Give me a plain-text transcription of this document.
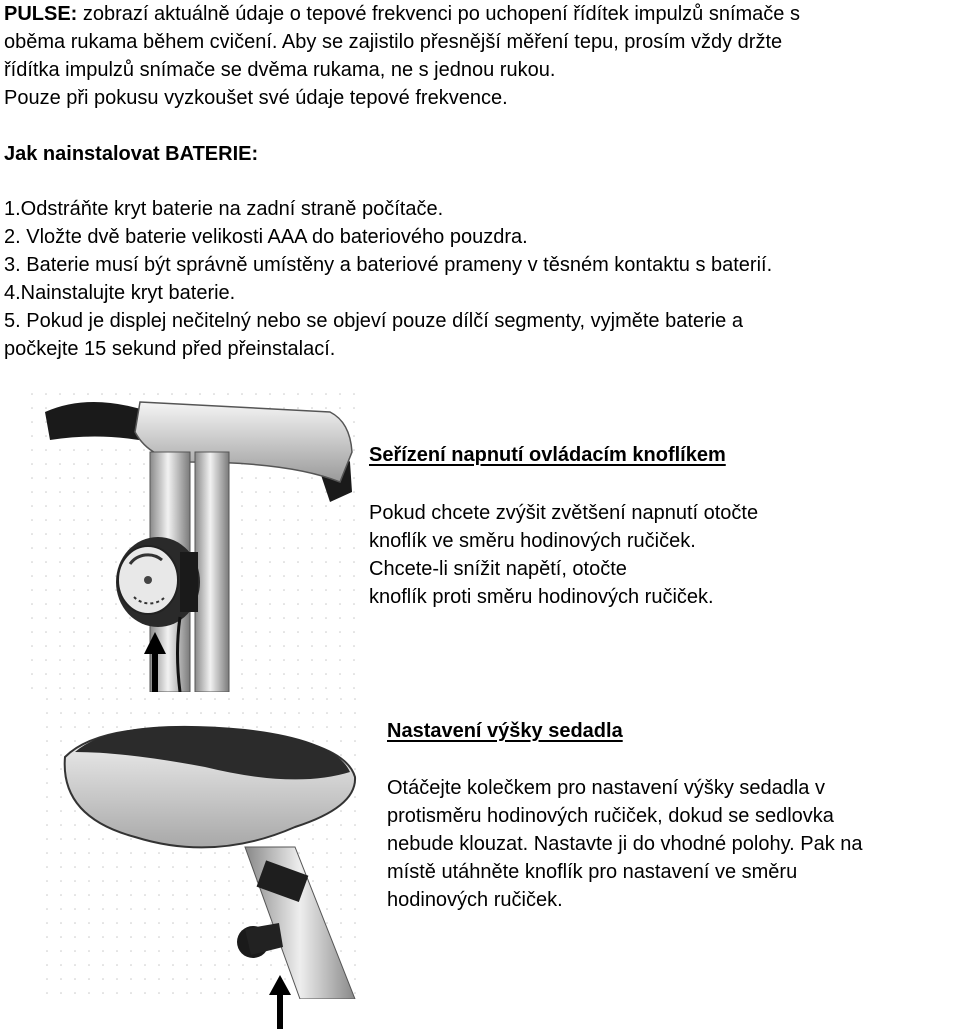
PULSE: zobrazí aktuálně údaje o tepové frekvenci po uchopení řídítek impulzů snímače s

oběma rukama během cvičení. Aby se zajistilo přesnější měření tepu, prosím vždy držte

řídítka impulzů snímače se dvěma rukama, ne s jednou rukou.

Pouze při pokusu vyzkoušet své údaje tepové frekvence.

Jak nainstalovat BATERIE:

1.Odstráňte kryt baterie na zadní straně počítače.

2. Vložte dvě baterie velikosti AAA do bateriového pouzdra.

3. Baterie musí být správně umístěny a bateriové prameny v těsném kontaktu s baterií.

4.Nainstalujte kryt baterie.

5. Pokud je displej nečitelný nebo se objeví pouze dílčí segmenty, vyjměte baterie a

počkejte 15 sekund před přeinstalací.

Seřízení napnutí ovládacím knoflíkem

Pokud chcete zvýšit zvětšení napnutí otočte

knoflík ve směru hodinových ručiček.

Chcete-li snížit napětí, otočte

knoflík proti směru hodinových ručiček.

Nastavení výšky sedadla

Otáčejte kolečkem pro nastavení výšky sedadla v

protisměru hodinových ručiček, dokud se sedlovka

nebude klouzat. Nastavte ji do vhodné polohy. Pak na

místě utáhněte knoflík pro nastavení ve směru

hodinových ručiček.
